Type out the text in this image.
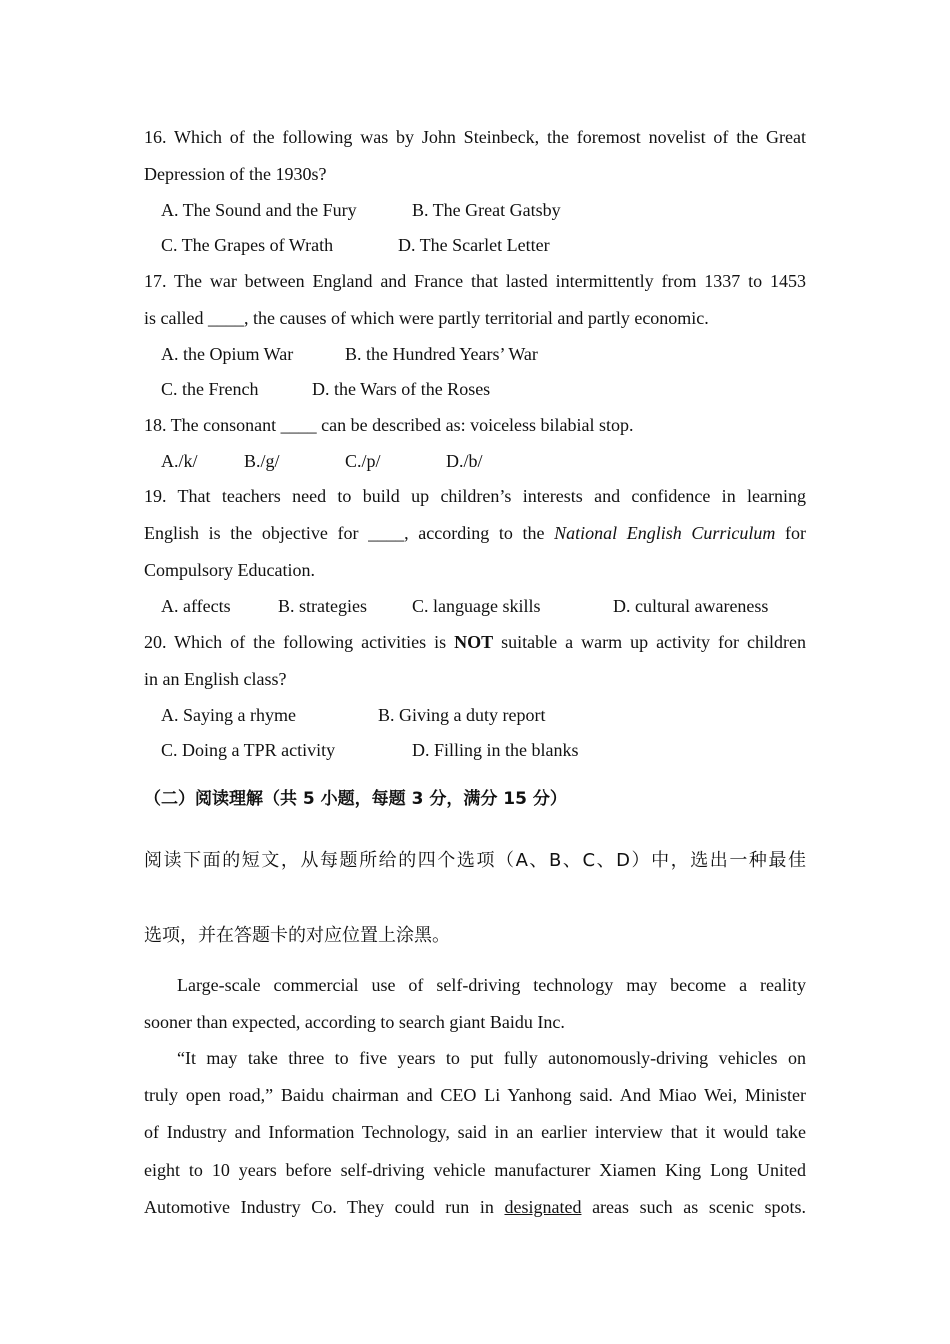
16. Which of the following was by John Steinbeck, the foremost novelist of the Great
Depression of the 1930s?
A. The Sound and the Fury	B. The Great Gatsby
C. The Grapes of Wrath	D. The Scarlet Letter
17. The war between England and France that lasted intermittently from 1337 to 1453
is called ____, the causes of which were partly territorial and partly economic.
A. the Opium War	B. the Hundred Years’ War
C. the French	D. the Wars of the Roses
18. The consonant ____ can be described as: voiceless bilabial stop.
A./k/	B./g/	C./p/	D./b/
19. That teachers need to build up children’s interests and confidence in learning
English is the objective for ____, according to the National English Curriculum for
Compulsory Education.
A. affects	B. strategies	C. language skills	D. cultural awareness
20. Which of the following activities is NOT suitable a warm up activity for children
in an English class?
A. Saying a rhyme	B. Giving a duty report
C. Doing a TPR activity	D. Filling in the blanks
（二）阅读理解（共 5 小题，每题 3 分，满分 15 分）
阅读下面的短文，从每题所给的四个选项（A、B、C、D）中，选出一种最佳
选项，并在答题卡的对应位置上涂黑。
Large-scale commercial use of self-driving technology may become a reality
sooner than expected, according to search giant Baidu Inc.
“It may take three to five years to put fully autonomously-driving vehicles on
truly open road,” Baidu chairman and CEO Li Yanhong said. And Miao Wei, Minister
of Industry and Information Technology, said in an earlier interview that it would take
eight to 10 years before self-driving vehicle manufacturer Xiamen King Long United
Automotive Industry Co. They could run in designated areas such as scenic spots.
